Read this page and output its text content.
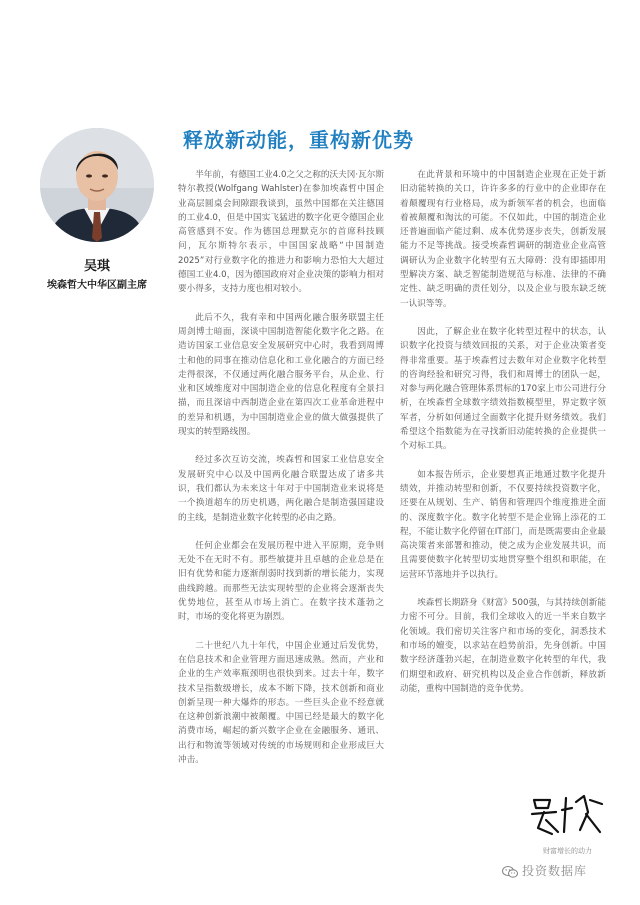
吴琪
埃森哲大中华区副主席
释放新动能，重构新优势

半年前，有德国工业4.0之父之称的沃夫冈·瓦尔斯特尔教授(Wolfgang Wahlster)在参加埃森哲中国企业高层圆桌会间隙跟我谈到，虽然中国都在关注德国的工业4.0，但是中国实飞猛进的数字化更令德国企业高管感到不安。作为德国总理默克尔的首席科技顾问，瓦尔斯特尔表示，中国国家战略“中国制造2025”对行业数字化的推进力和影响力恐怕大大超过德国工业4.0，因为德国政府对企业决策的影响力相对要小得多，支持力度也相对较小。

此后不久，我有幸和中国两化融合服务联盟主任周剑博士暗面，深谈中国制造智能化数字化之路。在造访国家工业信息安全发展研究中心时，我看到周博士和他的同事在推动信息化和工业化融合的方面已经走得很深，不仅通过两化融合服务平台，从企业、行业和区域维度对中国制造企业的信息化程度有全景扫描，而且深谙中西制造企业在第四次工业革命进程中的差异和机遇，为中国制造业企业的做大做强提供了现实的转型路线图。

经过多次互访交流，埃森哲和国家工业信息安全发展研究中心以及中国两化融合联盟达成了诸多共识，我们都认为未来这十年对于中国制造业来说将是一个换道超车的历史机遇，两化融合是制造强国建设的主线，是制造业数字化转型的必由之路。

任何企业都会在发展历程中进入平原期，竞争则无处不在无时不有。那些敏捷并且卓越的企业总是在旧有优势和能力逐渐削弱时找到新的增长能力，实现曲线跨越。而那些无法实现转型的企业将会逐渐丧失优势地位，甚至从市场上消亡。在数字技术蓬勃之时，市场的变化将更为剧烈。

二十世纪八九十年代，中国企业通过后发优势，在信息技术和企业管理方面迅速成熟。然而，产业和企业的生产效率瓶颈明也很快到来。过去十年，数字技术呈指数级增长，成本不断下降，技术创新和商业创新呈现一种大爆炸的形态。一些巨头企业不经意就在这种创新浪潮中被颠覆。中国已经是最大的数字化消费市场，崛起的新兴数字企业在金融服务、通讯、出行和物流等领域对传统的市场规则和企业形成巨大冲击。

在此背景和环境中的中国制造企业现在正处于新旧动能转换的关口，许许多多的行业中的企业即存在着颠覆现有行业格局，成为新领军者的机会，也面临着被颠覆和淘汰的可能。不仅如此，中国的制造企业还普遍面临产能过剩、成本优势逐步丧失，创新发展能力不足等挑战。接受埃森哲调研的制造业企业高管调研认为企业数字化转型有五大障碍：没有即插即用型解决方案、缺乏智能制造规范与标准、法律的不确定性、缺乏明确的责任划分，以及企业与股东缺乏统一认识等等。

因此，了解企业在数字化转型过程中的状态，认识数字化投资与绩效回报的关系，对于企业决策者变得非常重要。基于埃森哲过去数年对企业数字化转型的咨询经验和研究习得，我们和周博士的团队一起，对参与两化融合管理体系贯标的170家上市公司进行分析，在埃森哲全球数字绩效指数模型里，界定数字领军者，分析如何通过全面数字化提升财务绩效。我们希望这个指数能为在寻找新旧动能转换的企业提供一个对标工具。

如本报告所示，企业要想真正地通过数字化提升绩效，并推动转型和创新，不仅要持续投资数字化，还要在从规划、生产、销售和管理四个维度推进全面的、深度数字化。数字化转型不是企业锦上添花的工程，不能让数字化停留在IT部门，而是既需要由企业最高决策者来部署和推动，使之成为企业发展共识，而且需要使数字化转型切实地贯穿整个组织和职能，在运营环节落地并予以执行。

埃森哲长期跻身《财富》500强，与其持续创新能力密不可分。目前，我们全球收入的近一半来自数字化领域。我们密切关注客户和市场的变化，洞悉技术和市场的嬗变，以求站在趋势前沿，先身创新。中国数字经济蓬勃兴起，在制造业数字化转型的年代，我们期望和政府、研究机构以及企业合作创新，释放新动能，重构中国制造的竞争优势。

财富增长的动力
投资数据库
